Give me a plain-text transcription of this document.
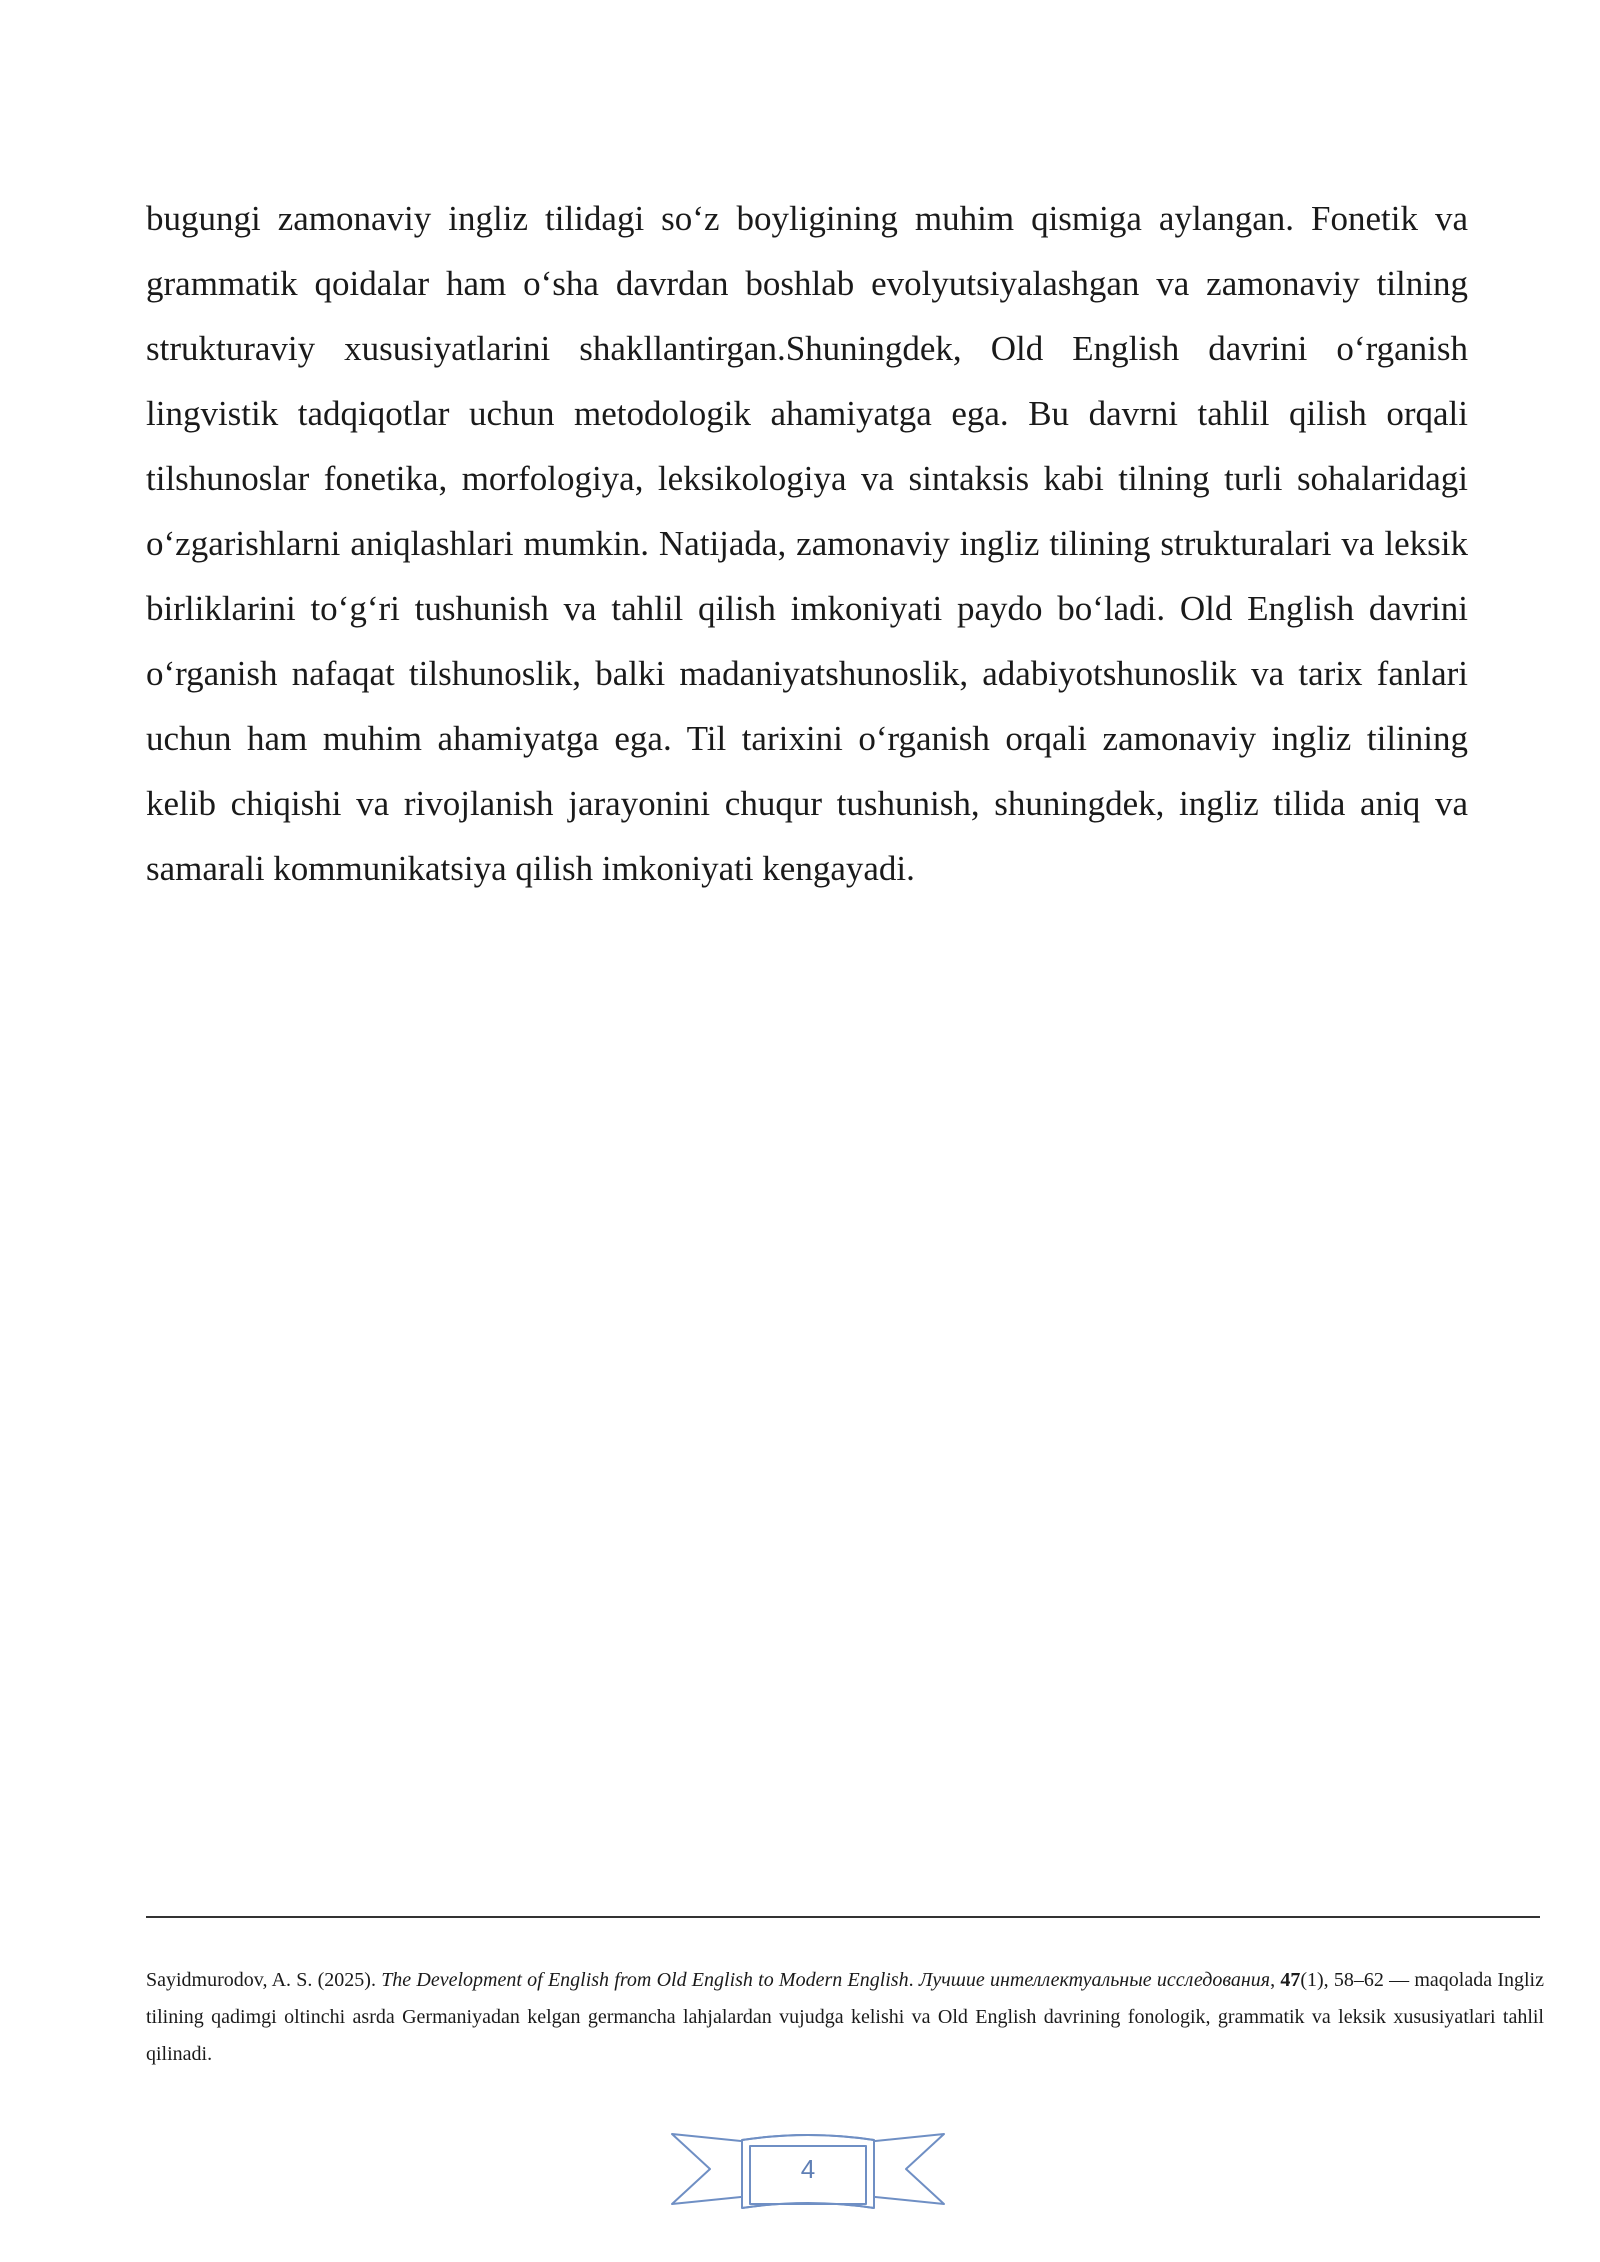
bugungi zamonaviy ingliz tilidagi so‘z boyligining muhim qismiga aylangan. Fonetik va grammatik qoidalar ham o‘sha davrdan boshlab evolyutsiyalashgan va zamonaviy tilning strukturaviy xususiyatlarini shakllantirgan.Shuningdek, Old English davrini o‘rganish lingvistik tadqiqotlar uchun metodologik ahamiyatga ega. Bu davrni tahlil qilish orqali tilshunoslar fonetika, morfologiya, leksikologiya va sintaksis kabi tilning turli sohalaridagi o‘zgarishlarni aniqlashlari mumkin. Natijada, zamonaviy ingliz tilining strukturalari va leksik birliklarini to‘g‘ri tushunish va tahlil qilish imkoniyati paydo bo‘ladi. Old English davrini o‘rganish nafaqat tilshunoslik, balki madaniyatshunoslik, adabiyotshunoslik va tarix fanlari uchun ham muhim ahamiyatga ega. Til tarixini o‘rganish orqali zamonaviy ingliz tilining kelib chiqishi va rivojlanish jarayonini chuqur tushunish, shuningdek, ingliz tilida aniq va samarali kommunikatsiya qilish imkoniyati kengayadi.

Sayidmurodov, A. S. (2025). The Development of English from Old English to Modern English. Лучшие интеллектуальные исследования, 47(1), 58–62 — maqolada Ingliz tilining qadimgi oltinchi asrda Germaniyadan kelgan germancha lahjalardan vujudga kelishi va Old English davrining fonologik, grammatik va leksik xususiyatlari tahlil qilinadi.

4
